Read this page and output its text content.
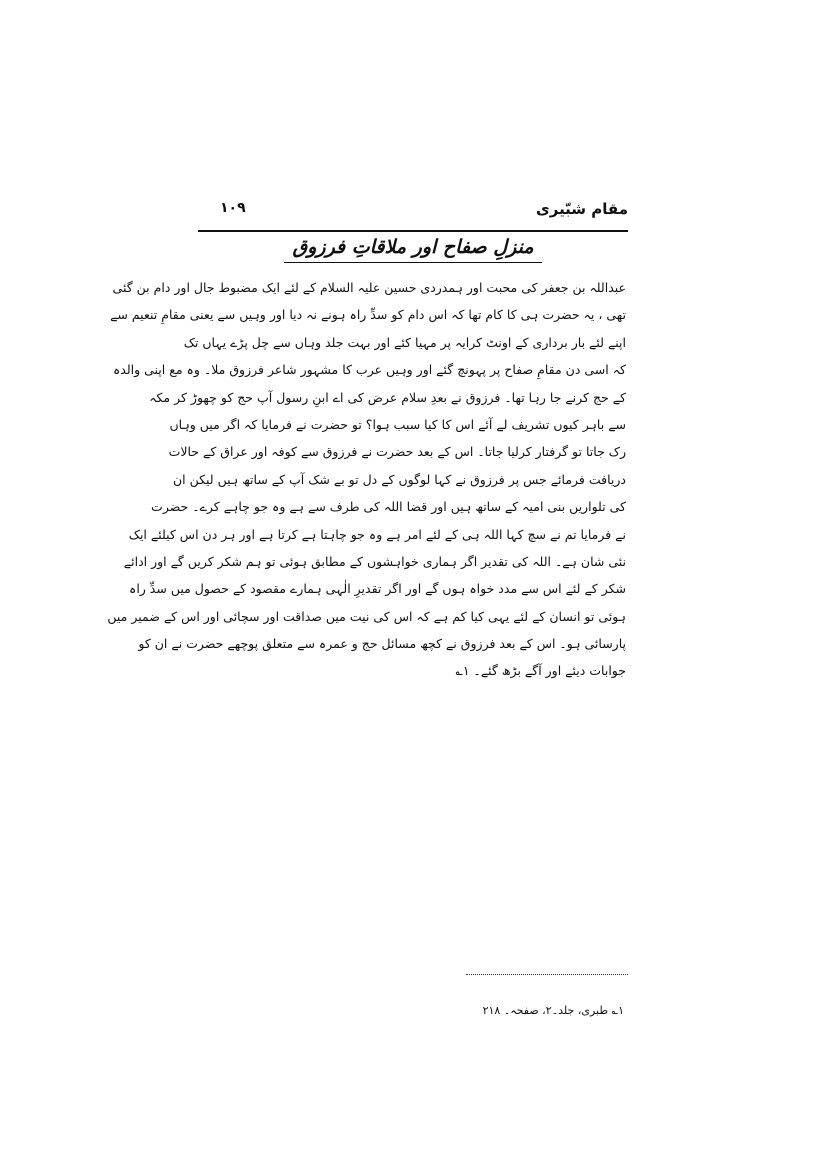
مقام شبّیری
۱۰۹
منزلِ صفاح اور ملاقاتِ فرزوق
عبداللہ بن جعفر کی محبت اور ہمدردی حسین علیہ السلام کے لئے ایک مضبوط جال اور دام بن گئی
تھی ، یہ حضرت ہی کا کام تھا کہ اس دام کو سدِّ راہ ہونے نہ دیا اور وہیں سے یعنی مقامِ تنعیم سے
اپنے لئے بار برداری کے اونٹ کرایہ پر مہیا کئے اور بہت جلد وہاں سے چل پڑے یہاں تک
کہ اسی دن مقامِ صفاح پر پہونچ گئے اور وہیں عرب کا مشہور شاعر فرزوق ملا۔ وہ مع اپنی والدہ
کے حج کرنے جا رہا تھا۔ فرزوق نے بعدِ سلام عرض کی اے ابنِ رسول آپ حج کو چھوڑ کر مکہ
سے باہر کیوں تشریف لے آئے اس کا کیا سبب ہوا؟ تو حضرت نے فرمایا کہ اگر میں وہاں
رک جاتا تو گرفتار کرلیا جاتا۔ اس کے بعد حضرت نے فرزوق سے کوفہ اور عراق کے حالات
دریافت فرمائے جس پر فرزوق نے کہا لوگوں کے دل تو بے شک آپ کے ساتھ ہیں لیکن ان
کی تلواریں بنی امیہ کے ساتھ ہیں اور قضا اللہ کی طرف سے ہے وہ جو چاہے کرے۔ حضرت
نے فرمایا تم نے سچ کہا اللہ ہی کے لئے امر ہے وہ جو چاہتا ہے کرتا ہے اور ہر دن اس کیلئے ایک
نئی شان ہے۔ اللہ کی تقدیر اگر ہماری خواہشوں کے مطابق ہوئی تو ہم شکر کریں گے اور ادائے
شکر کے لئے اس سے مدد خواہ ہوں گے اور اگر تقدیرِ الٰہی ہمارے مقصود کے حصول میں سدِّ راہ
ہوئی تو انسان کے لئے یہی کیا کم ہے کہ اس کی نیت میں صداقت اور سچائی اور اس کے ضمیر میں
پارسائی ہو۔ اس کے بعد فرزوق نے کچھ مسائل حج و عمرہ سے متعلق پوچھے حضرت نے ان کو
جوابات دیئے اور آگے بڑھ گئے۔ ۱؎
۱؎ طبری، جلد۔۲، صفحہ۔ ۲۱۸
